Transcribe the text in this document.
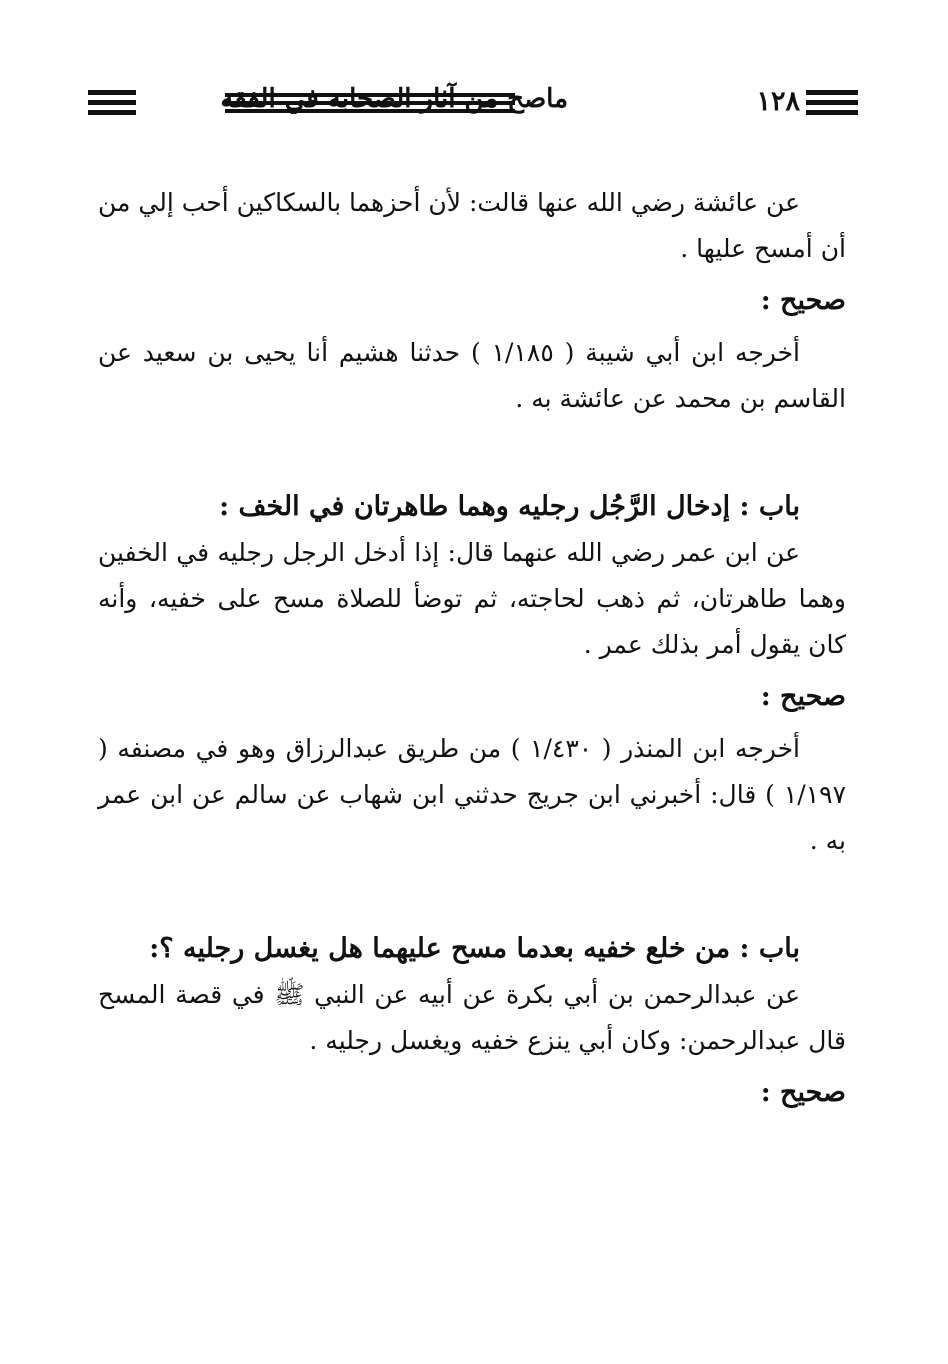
١٢٨
ماصح من آثار الصحابة في الفقه

عن عائشة رضي الله عنها قالت: لأن أحزهما بالسكاكين أحب إلي من أن أمسح عليها .

صحيح :

أخرجه ابن أبي شيبة ( ١/١٨٥ ) حدثنا هشيم أنا يحيى بن سعيد عن القاسم بن محمد عن عائشة به .

باب : إدخال الرَّجُل رجليه وهما طاهرتان في الخف :

عن ابن عمر رضي الله عنهما قال: إذا أدخل الرجل رجليه في الخفين وهما طاهرتان، ثم ذهب لحاجته، ثم توضأ للصلاة مسح على خفيه، وأنه كان يقول أمر بذلك عمر .

صحيح :

أخرجه ابن المنذر ( ١/٤٣٠ ) من طريق عبدالرزاق وهو في مصنفه ( ١/١٩٧ ) قال: أخبرني ابن جريج حدثني ابن شهاب عن سالم عن ابن عمر به .

باب : من خلع خفيه بعدما مسح عليهما هل يغسل رجليه ؟:

عن عبدالرحمن بن أبي بكرة عن أبيه عن النبي ﷺ في قصة المسح قال عبدالرحمن: وكان أبي ينزع خفيه ويغسل رجليه .

صحيح :
